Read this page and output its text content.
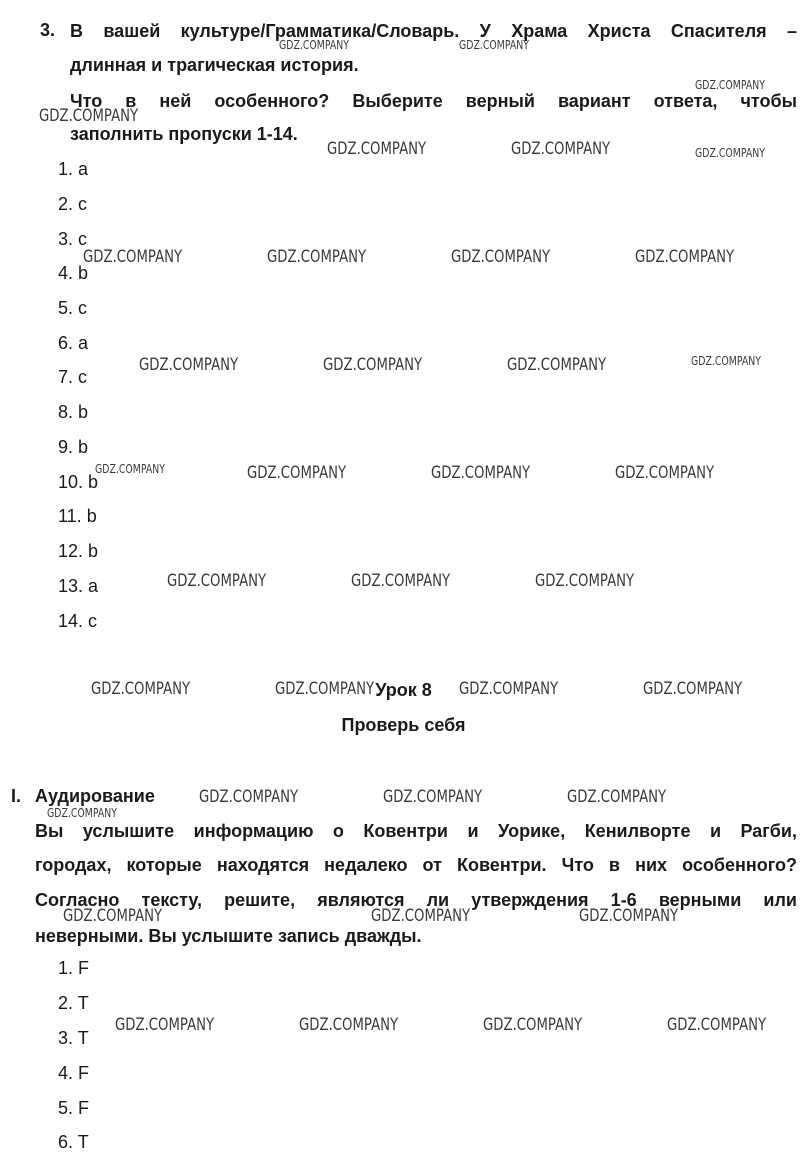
3. В вашей культуре/Грамматика/Словарь. У Храма Христа Спасителя –
длинная и трагическая история.
Что в ней особенного? Выберите верный вариант ответа, чтобы
заполнить пропуски 1-14.
1. a
2. c
3. c
4. b
5. c
6. a
7. c
8. b
9. b
10. b
11. b
12. b
13. a
14. c
Урок 8
Проверь себя
I. Аудирование
Вы услышите информацию о Ковентри и Уорике, Кенилворте и Рагби,
городах, которые находятся недалеко от Ковентри. Что в них особенного?
Согласно тексту, решите, являются ли утверждения 1-6 верными или
неверными. Вы услышите запись дважды.
1. F
2. T
3. T
4. F
5. F
6. T
GDZ.COMPANY	GDZ.COMPANY
GDZ.COMPANY
GDZ.COMPANY
GDZ.COMPANY	GDZ.COMPANY	GDZ.COMPANY
GDZ.COMPANY	GDZ.COMPANY	GDZ.COMPANY	GDZ.COMPANY
GDZ.COMPANY	GDZ.COMPANY	GDZ.COMPANY	GDZ.COMPANY
GDZ.COMPANY	GDZ.COMPANY	GDZ.COMPANY	GDZ.COMPANY
GDZ.COMPANY	GDZ.COMPANY	GDZ.COMPANY
GDZ.COMPANY	GDZ.COMPANY	GDZ.COMPANY	GDZ.COMPANY
GDZ.COMPANY	GDZ.COMPANY	GDZ.COMPANY
GDZ.COMPANY
GDZ.COMPANY	GDZ.COMPANY	GDZ.COMPANY
GDZ.COMPANY	GDZ.COMPANY	GDZ.COMPANY	GDZ.COMPANY
